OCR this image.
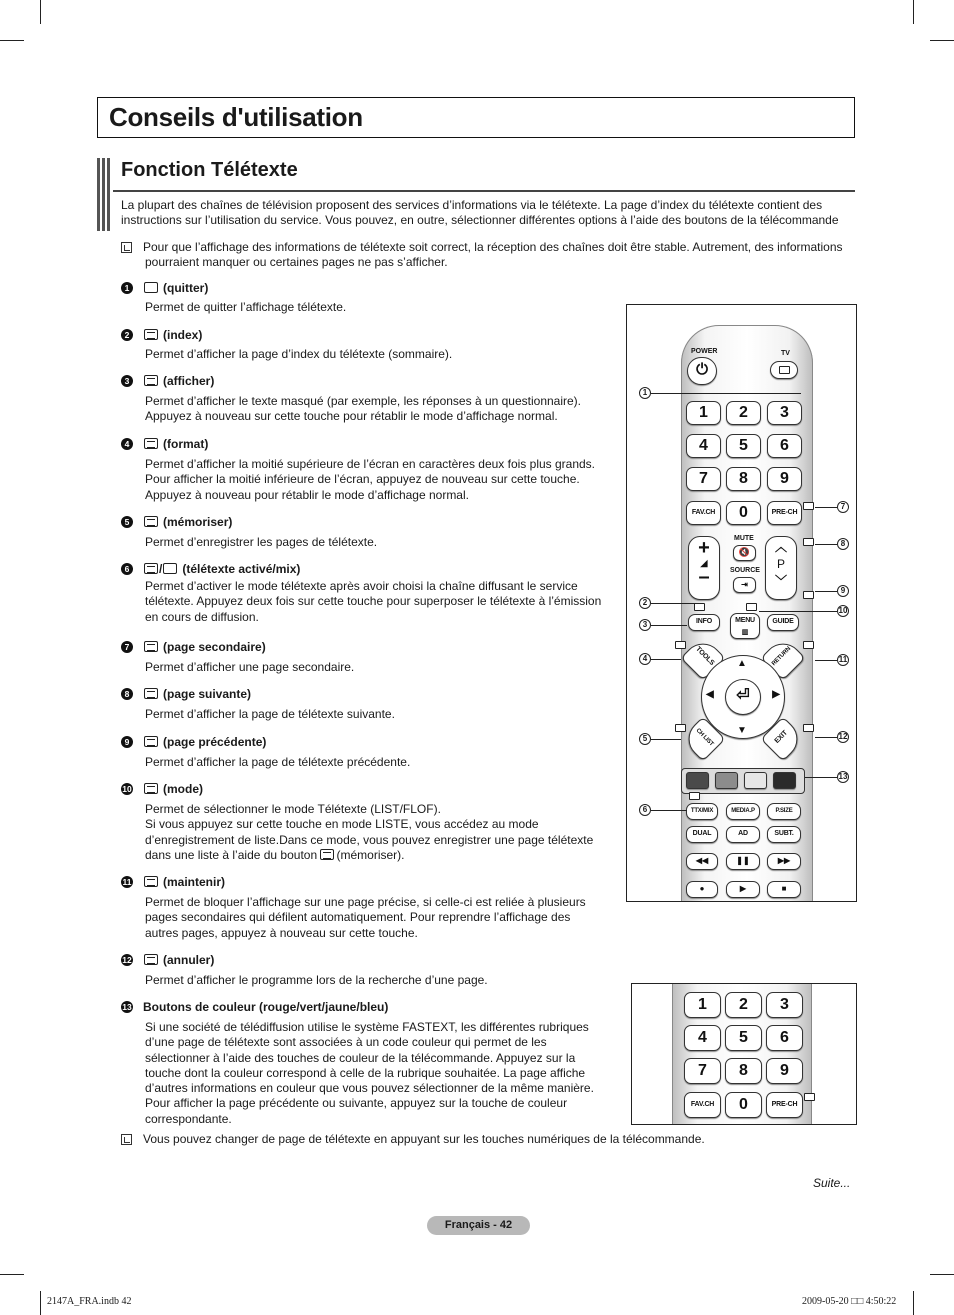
Conseils d'utilisation
Fonction Télétexte
La plupart des chaînes de télévision proposent des services d’informations via le télétexte. La page d’index du télétexte contient des
instructions sur l’utilisation du service. Vous pouvez, en outre, sélectionner différentes options à l’aide des boutons de la télécommande
Pour que l’affichage des informations de télétexte soit correct, la réception des chaînes doit être stable. Autrement, des informations
pourraient manquer ou certaines pages ne pas s’afficher.
1	(quitter)
Permet de quitter l’affichage télétexte.
2	(index)
Permet d’afficher la page d’index du télétexte (sommaire).
3	(afficher)
Permet d’afficher le texte masqué (par exemple, les réponses à un questionnaire).
Appuyez à nouveau sur cette touche pour rétablir le mode d’affichage normal.
4	(format)
Permet d’afficher la moitié supérieure de l’écran en caractères deux fois plus grands.
Pour afficher la moitié inférieure de l’écran, appuyez de nouveau sur cette touche.
Appuyez à nouveau pour rétablir le mode d’affichage normal.
5	(mémoriser)
Permet d’enregistrer les pages de télétexte.
6	/ (télétexte activé/mix)
Permet d’activer le mode télétexte après avoir choisi la chaîne diffusant le service
télétexte. Appuyez deux fois sur cette touche pour superposer le télétexte à l’émission
en cours de diffusion.
7	(page secondaire)
Permet d’afficher une page secondaire.
8	(page suivante)
Permet d’afficher la page de télétexte suivante.
9	(page précédente)
Permet d’afficher la page de télétexte précédente.
10	(mode)
Permet de sélectionner le mode Télétexte (LIST/FLOF).
Si vous appuyez sur cette touche en mode LISTE, vous accédez au mode
d’enregistrement de liste.Dans ce mode, vous pouvez enregistrer une page télétexte
dans une liste à l’aide du bouton (mémoriser).
11	(maintenir)
Permet de bloquer l’affichage sur une page précise, si celle-ci est reliée à plusieurs
pages secondaires qui défilent automatiquement. Pour reprendre l’affichage des
autres pages, appuyez à nouveau sur cette touche.
12	(annuler)
Permet d’afficher le programme lors de la recherche d’une page.
13 Boutons de couleur (rouge/vert/jaune/bleu)
Si une société de télédiffusion utilise le système FASTEXT, les différentes rubriques
d’une page de télétexte sont associées à un code couleur qui permet de les
sélectionner à l’aide des touches de couleur de la télécommande. Appuyez sur la
touche dont la couleur correspond à celle de la rubrique souhaitée. La page affiche
d’autres informations en couleur que vous pouvez sélectionner de la même manière.
Pour afficher la page précédente ou suivante, appuyez sur la touche de couleur
correspondante.
Vous pouvez changer de page de télétexte en appuyant sur les touches numériques de la télécommande.
POWER
⏻
TV
1	2	3
4	5	6
7	8	9
FAV.CH	0	PRE-CH
+
◢
–
MUTE
🔇
SOURCE
⇥
︿
P
﹀
INFO	MENU
▥
GUIDE
TOOLS	RETURN
▲
▼
◀	▶
⏎
CH LIST	EXIT
TTX/MIX	MEDIA.P	P.SIZE
DUAL	AD	SUBT.
◀◀	❚❚	▶▶
●	▶	■
1
2
3
4
5
6
7
8
9
10
11
12
13
1	2	3
4	5	6
7	8	9
FAV.CH	0	PRE-CH
Suite...
Français - 42
2147A_FRA.indb 42	2009-05-20 □□ 4:50:22
